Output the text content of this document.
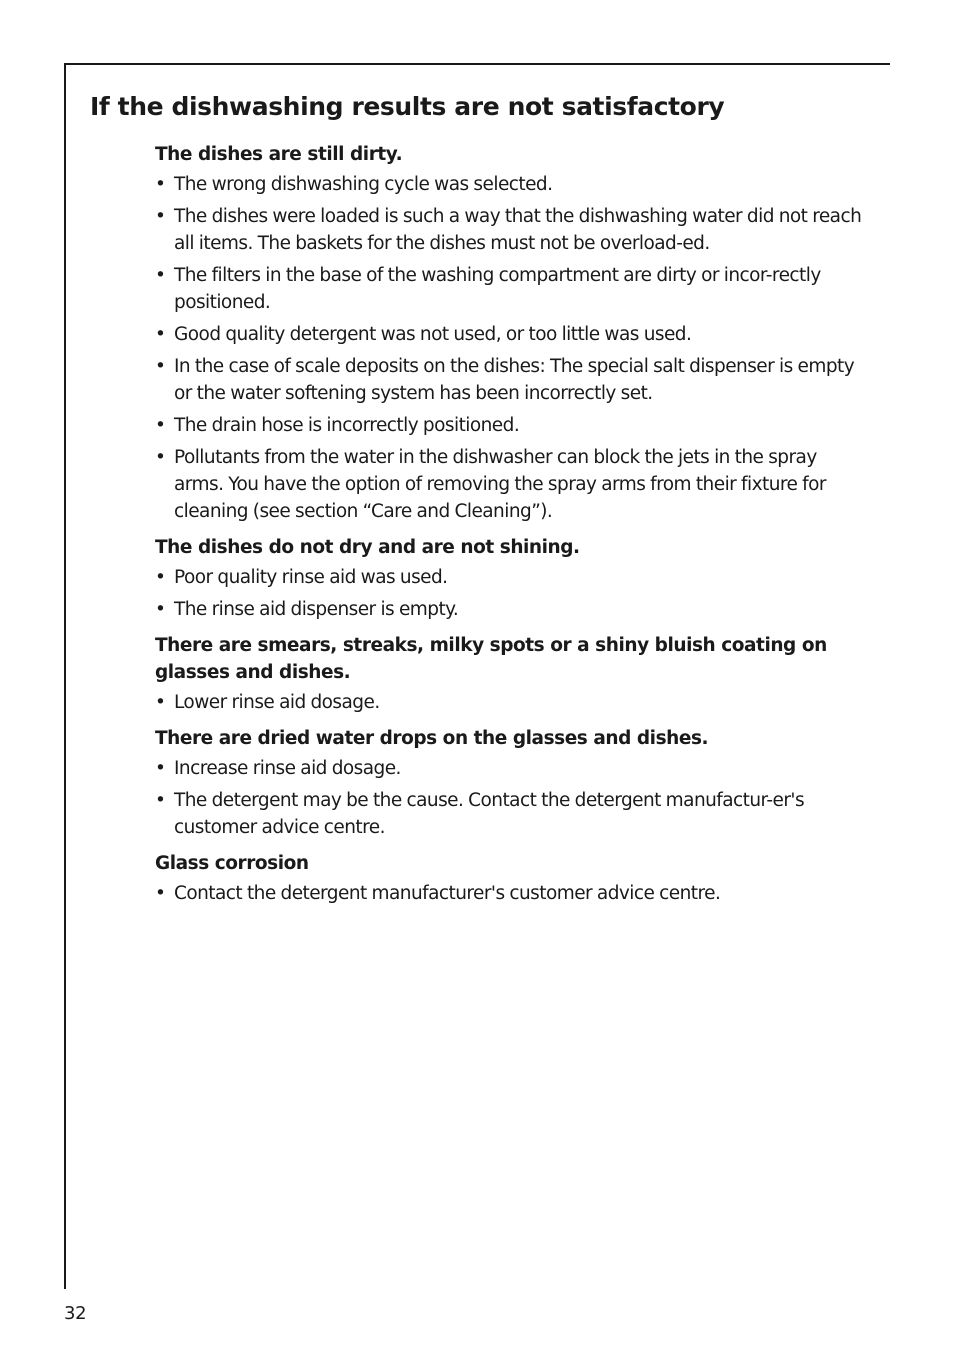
If the dishwashing results are not satisfactory
The dishes are still dirty.
• The wrong dishwashing cycle was selected.
• The dishes were loaded is such a way that the dishwashing water did not reach all items. The baskets for the dishes must not be overload-ed.
• The filters in the base of the washing compartment are dirty or incor-rectly positioned.
• Good quality detergent was not used, or too little was used.
• In the case of scale deposits on the dishes: The special salt dispenser is empty or the water softening system has been incorrectly set.
• The drain hose is incorrectly positioned.
• Pollutants from the water in the dishwasher can block the jets in the spray arms. You have the option of removing the spray arms from their fixture for cleaning (see section “Care and Cleaning”).
The dishes do not dry and are not shining.
• Poor quality rinse aid was used.
• The rinse aid dispenser is empty.
There are smears, streaks, milky spots or a shiny bluish coating on glasses and dishes.
• Lower rinse aid dosage.
There are dried water drops on the glasses and dishes.
• Increase rinse aid dosage.
• The detergent may be the cause. Contact the detergent manufactur-er's customer advice centre.
Glass corrosion
• Contact the detergent manufacturer's customer advice centre.
32
